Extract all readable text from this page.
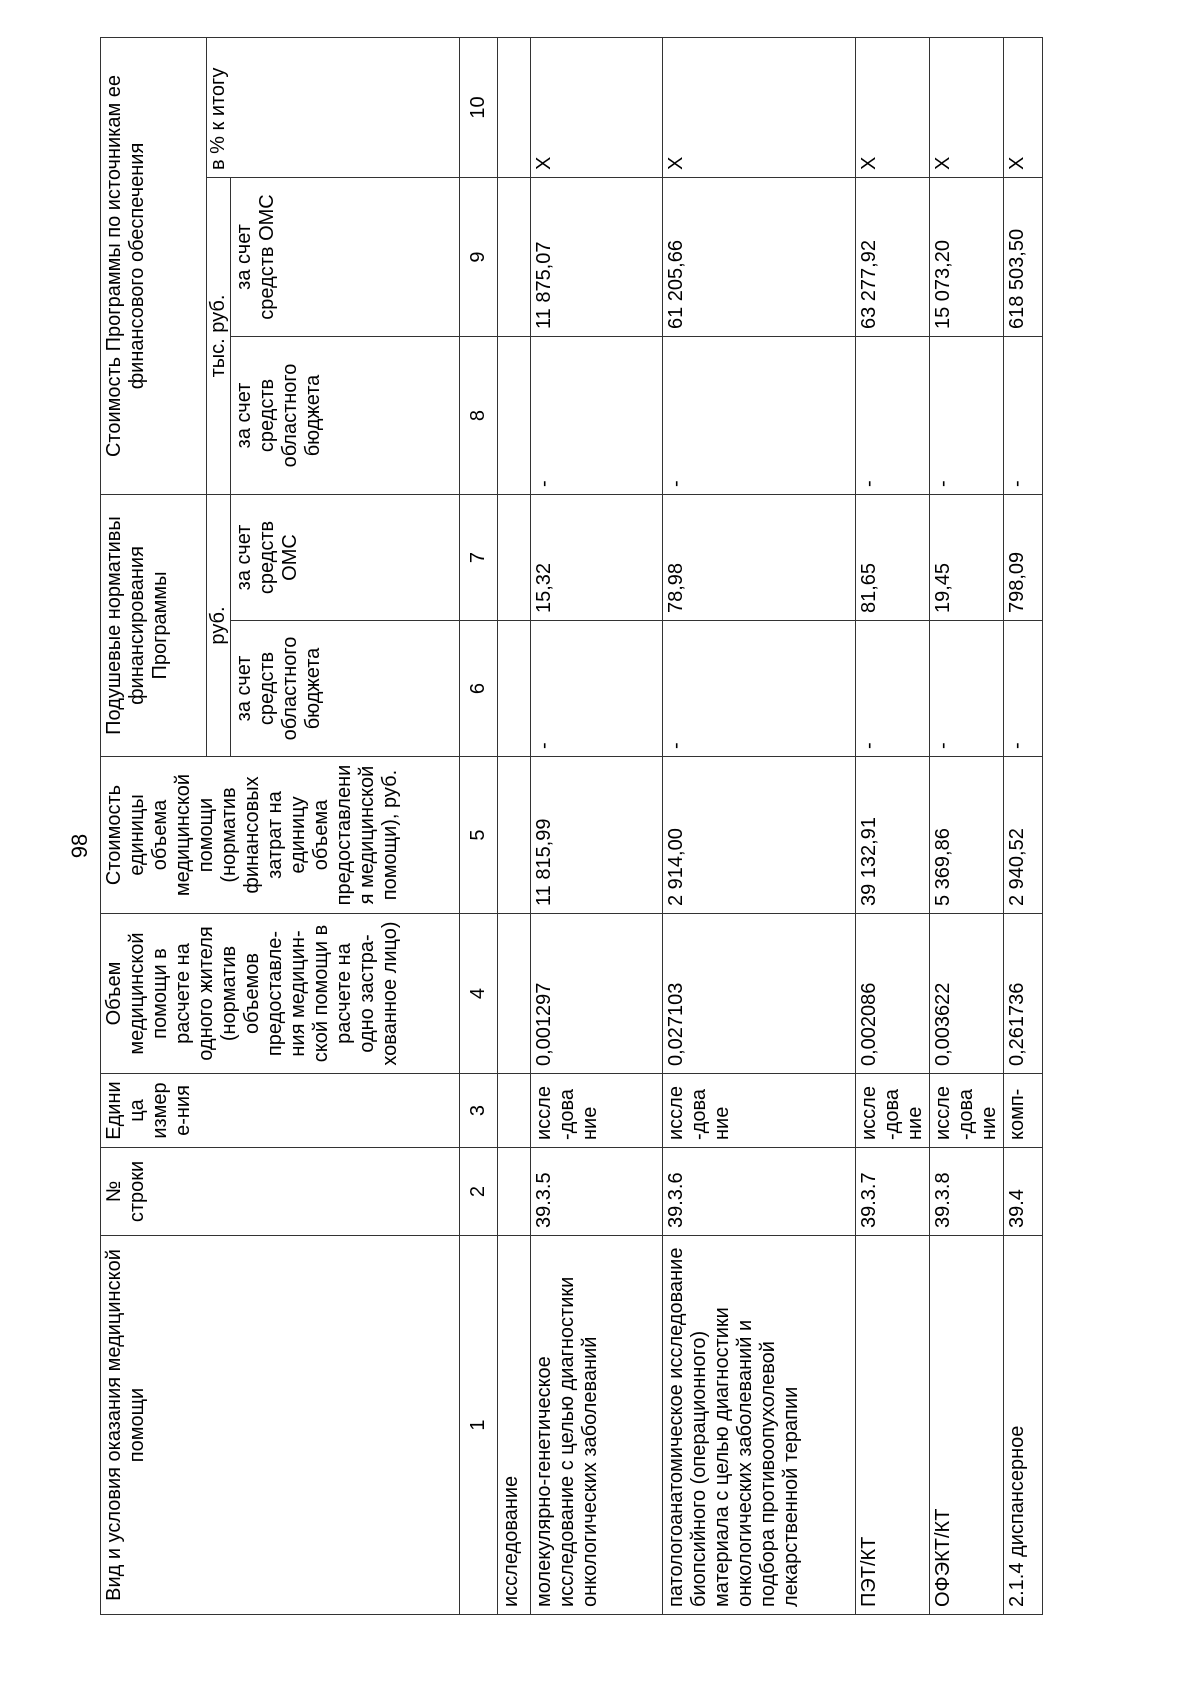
98
Вид и условия оказания медицинской помощи	№ строки	Единица измере-ния	Объем медицинской помощи в расчете на одного жителя (норматив объемов предоставле-ния медицин-ской помощи в расчете на одно застра-хованное лицо)	Стоимость единицы объема медицинской помощи (норматив финансовых затрат на единицу объема предоставления медицинской помощи), руб.	Подушевые нормативы финансирования Программы		Стоимость Программы по источникам ее финансового обеспечения		
					руб.		тыс. руб.		в % к итогу
					за счет средств областного бюджета	за счет средств ОМС	за счет средств областного бюджета	за счет средств ОМС	
1	2	3	4	5	6	7	8	9	10
исследование									
молекулярно-генетическое исследование с целью диагностики онкологических заболеваний	39.3.5	иссле-дование	0,001297	11 815,99	-	15,32	-	11 875,07	X
патологоанатомическое исследование биопсийного (операционного) материала с целью диагностики онкологических заболеваний и подбора противоопухолевой лекарственной терапии	39.3.6	иссле-дование	0,027103	2 914,00	-	78,98	-	61 205,66	X
ПЭТ/КТ	39.3.7	иссле-дование	0,002086	39 132,91	-	81,65	-	63 277,92	X
ОФЭКТ/КТ	39.3.8	иссле-дование	0,003622	5 369,86	-	19,45	-	15 073,20	X
2.1.4 диспансерное	39.4	комп-	0,261736	2 940,52	-	798,09	-	618 503,50	X
